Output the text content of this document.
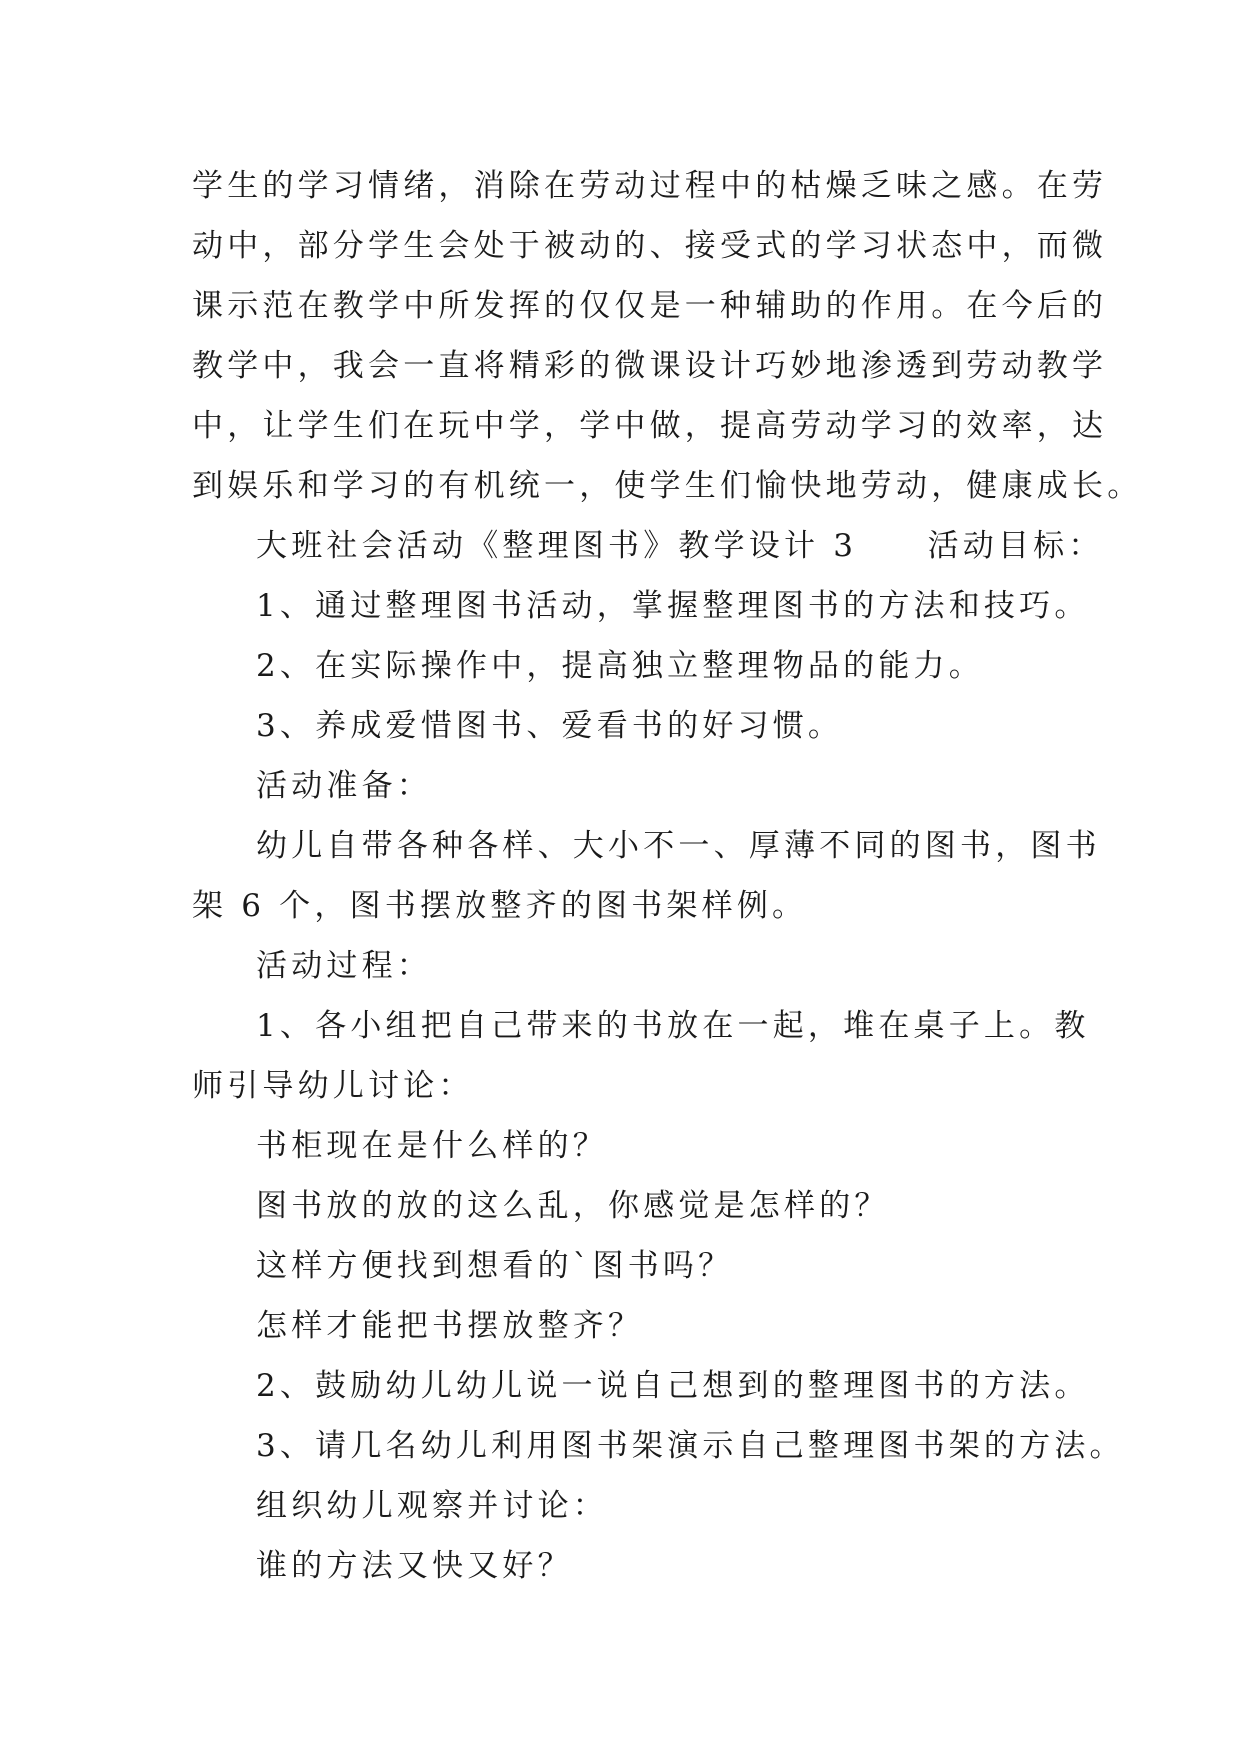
学生的学习情绪，消除在劳动过程中的枯燥乏味之感。在劳
动中，部分学生会处于被动的、接受式的学习状态中，而微
课示范在教学中所发挥的仅仅是一种辅助的作用。在今后的
教学中，我会一直将精彩的微课设计巧妙地渗透到劳动教学
中，让学生们在玩中学，学中做，提高劳动学习的效率，达
到娱乐和学习的有机统一，使学生们愉快地劳动，健康成长。
大班社会活动《整理图书》教学设计 3　　活动目标：
1、通过整理图书活动，掌握整理图书的方法和技巧。
2、在实际操作中，提高独立整理物品的能力。
3、养成爱惜图书、爱看书的好习惯。
活动准备：
幼儿自带各种各样、大小不一、厚薄不同的图书，图书
架 6 个，图书摆放整齐的图书架样例。
活动过程：
1、各小组把自己带来的书放在一起，堆在桌子上。教
师引导幼儿讨论：
书柜现在是什么样的？
图书放的放的这么乱，你感觉是怎样的？
这样方便找到想看的`图书吗？
怎样才能把书摆放整齐？
2、鼓励幼儿幼儿说一说自己想到的整理图书的方法。
3、请几名幼儿利用图书架演示自己整理图书架的方法。
组织幼儿观察并讨论：
谁的方法又快又好？
